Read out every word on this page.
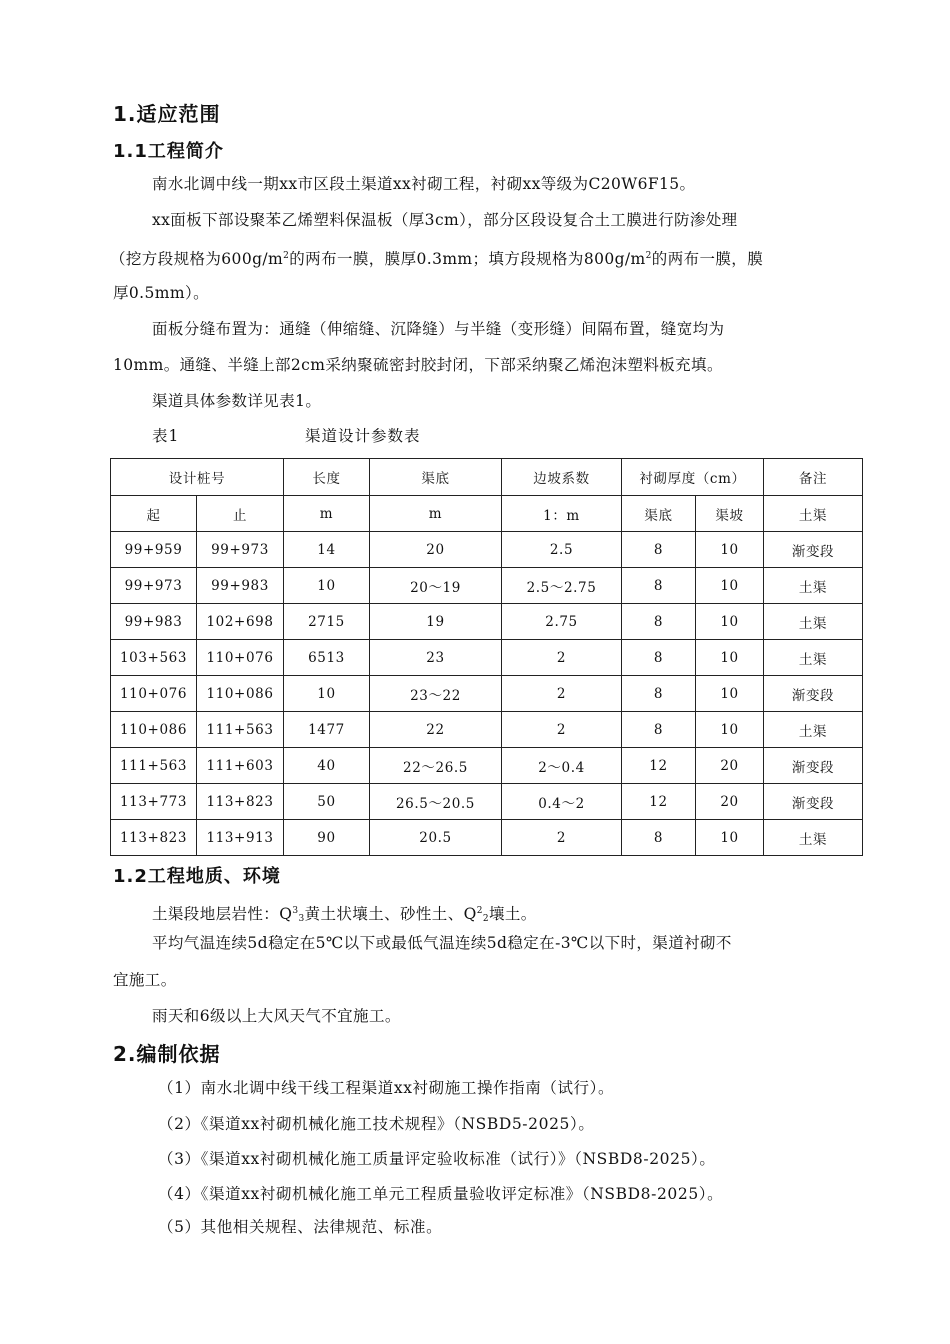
1.适应范围
1.1工程简介
南水北调中线一期xx市区段土渠道xx衬砌工程，衬砌xx等级为C20W6F15。
xx面板下部设聚苯乙烯塑料保温板（厚3cm），部分区段设复合土工膜进行防渗处理
（挖方段规格为$600g/m^2$的两布一膜，膜厚0.3mm；填方段规格为$800g/m^2$的两布一膜，膜
厚0.5mm）。
面板分缝布置为：通缝（伸缩缝、沉降缝）与半缝（变形缝）间隔布置，缝宽均为
10mm。通缝、半缝上部2cm采纳聚硫密封胶封闭，下部采纳聚乙烯泡沫塑料板充填。
渠道具体参数详见表1。
表1	渠道设计参数表
设计桩号		长度	渠底	边坡系数	衬砌厚度（cm）		备注
起	止	m	m	1：m	渠底	渠坡	土渠
99+959	99+973	14	20	2.5	8	10	渐变段
99+973	99+983	10	20～19	2.5～2.75	8	10	土渠
99+983	102+698	2715	19	2.75	8	10	土渠
103+563	110+076	6513	23	2	8	10	土渠
110+076	110+086	10	23～22	2	8	10	渐变段
110+086	111+563	1477	22	2	8	10	土渠
111+563	111+603	40	22～26.5	2～0.4	12	20	渐变段
113+773	113+823	50	26.5～20.5	0.4～2	12	20	渐变段
113+823	113+913	90	20.5	2	8	10	土渠
1.2工程地质、环境
土渠段地层岩性：$Q^3_3$黄土状壤土、砂性土、$Q^2_2$壤土。
平均气温连续5d稳定在5℃以下或最低气温连续5d稳定在-3℃以下时，渠道衬砌不
宜施工。
雨天和6级以上大风天气不宜施工。
2.编制依据
（1）南水北调中线干线工程渠道xx衬砌施工操作指南（试行）。
（2）《渠道xx衬砌机械化施工技术规程》（NSBD5-2025）。
（3）《渠道xx衬砌机械化施工质量评定验收标准（试行）》（NSBD8-2025）。
（4）《渠道xx衬砌机械化施工单元工程质量验收评定标准》（NSBD8-2025）。
（5）其他相关规程、法律规范、标准。
